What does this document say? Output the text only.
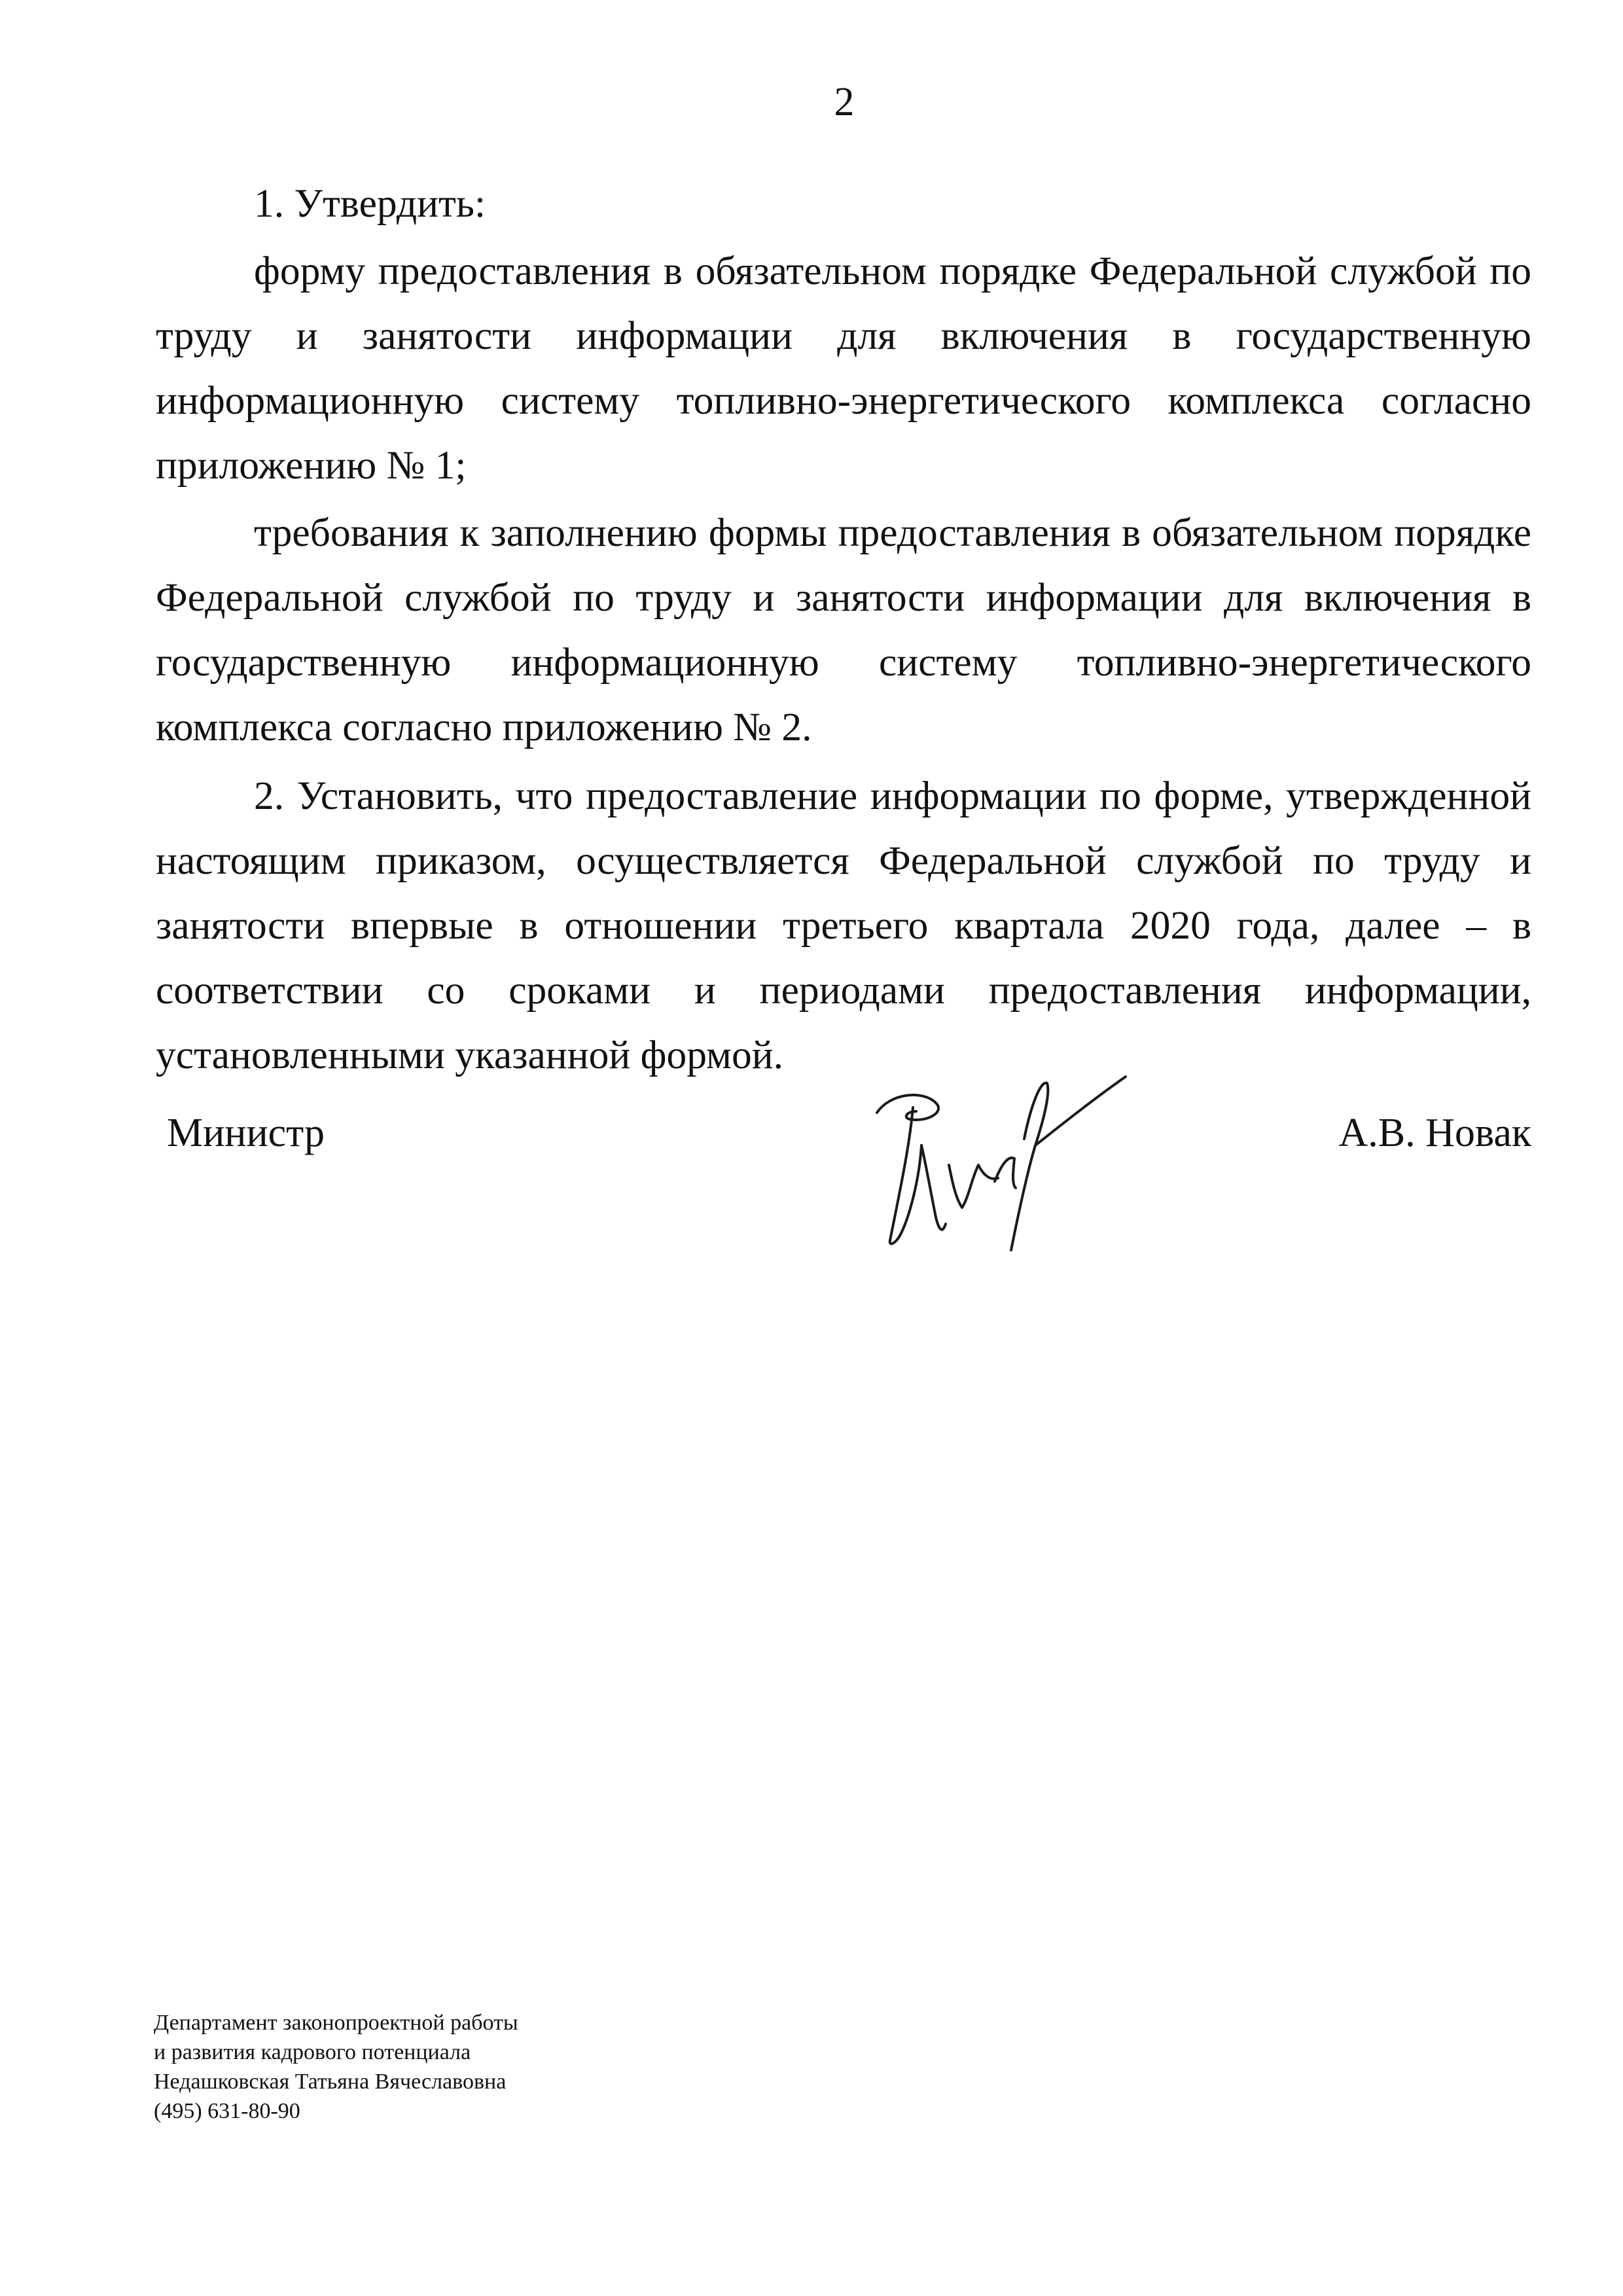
2

1. Утвердить:

форму предоставления в обязательном порядке Федеральной службой по труду и занятости информации для включения в государственную информационную систему топливно-энергетического комплекса согласно приложению № 1;

требования к заполнению формы предоставления в обязательном порядке Федеральной службой по труду и занятости информации для включения в государственную информационную систему топливно-энергетического комплекса согласно приложению № 2.

2. Установить, что предоставление информации по форме, утвержденной настоящим приказом, осуществляется Федеральной службой по труду и занятости впервые в отношении третьего квартала 2020 года, далее – в соответствии со сроками и периодами предоставления информации, установленными указанной формой.

Министр	А.В. Новак
Департамент законопроектной работы
и развития кадрового потенциала
Недашковская Татьяна Вячеславовна
(495) 631-80-90
